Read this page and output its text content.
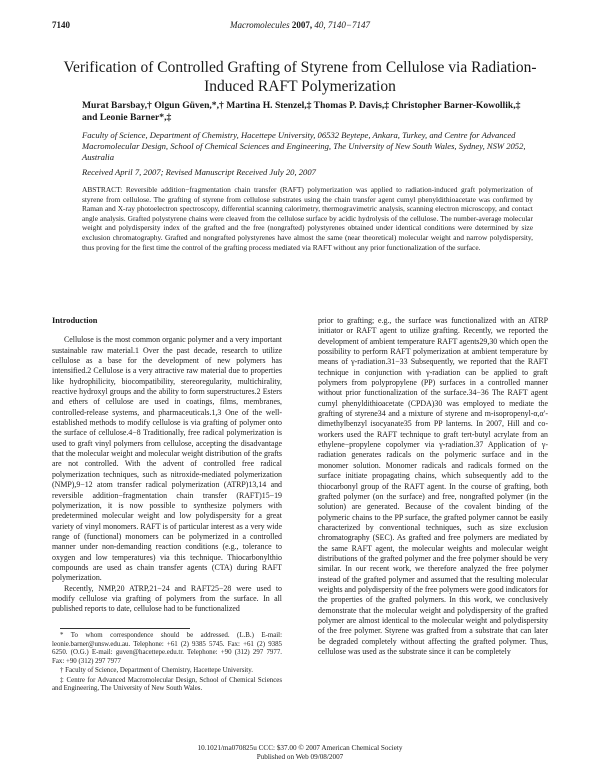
7140	Macromolecules 2007, 40, 7140−7147
Verification of Controlled Grafting of Styrene from Cellulose via Radiation-Induced RAFT Polymerization
Murat Barsbay,† Olgun Güven,*,† Martina H. Stenzel,‡ Thomas P. Davis,‡ Christopher Barner-Kowollik,‡ and Leonie Barner*,‡
Faculty of Science, Department of Chemistry, Hacettepe University, 06532 Beytepe, Ankara, Turkey, and Centre for Advanced Macromolecular Design, School of Chemical Sciences and Engineering, The University of New South Wales, Sydney, NSW 2052, Australia
Received April 7, 2007; Revised Manuscript Received July 20, 2007
ABSTRACT: Reversible addition−fragmentation chain transfer (RAFT) polymerization was applied to radiation-induced graft polymerization of styrene from cellulose. The grafting of styrene from cellulose substrates using the chain transfer agent cumyl phenyldithioacetate was confirmed by Raman and X-ray photoelectron spectroscopy, differential scanning calorimetry, thermogravimetric analysis, scanning electron microscopy, and contact angle analysis. Grafted polystyrene chains were cleaved from the cellulose surface by acidic hydrolysis of the cellulose. The number-average molecular weight and polydispersity index of the grafted and the free (nongrafted) polystyrenes obtained under identical conditions were determined by size exclusion chromatography. Grafted and nongrafted polystyrenes have almost the same (near theoretical) molecular weight and narrow polydispersity, thus proving for the first time the control of the grafting process mediated via RAFT without any prior functionalization of the surface.

Introduction

Cellulose is the most common organic polymer and a very important sustainable raw material.1 Over the past decade, research to utilize cellulose as a base for the development of new polymers has intensified.2 Cellulose is a very attractive raw material due to properties like hydrophilicity, biocompatibility, stereoregularity, multichirality, reactive hydroxyl groups and the ability to form superstructures.2 Esters and ethers of cellulose are used in coatings, films, membranes, controlled-release systems, and pharmaceuticals.1,3 One of the well-established methods to modify cellulose is via grafting of polymer onto the surface of cellulose.4−8 Traditionally, free radical polymerization is used to graft vinyl polymers from cellulose, accepting the disadvantage that the molecular weight and molecular weight distribution of the grafts are not controlled. With the advent of controlled free radical polymerization techniques, such as nitroxide-mediated polymerization (NMP),9−12 atom transfer radical polymerization (ATRP)13,14 and reversible addition−fragmentation chain transfer (RAFT)15−19 polymerization, it is now possible to synthesize polymers with predetermined molecular weight and low polydispersity for a great variety of vinyl monomers. RAFT is of particular interest as a very wide range of (functional) monomers can be polymerized in a controlled manner under non-demanding reaction conditions (e.g., tolerance to oxygen and low temperatures) via this technique. Thiocarbonylthio compounds are used as chain transfer agents (CTA) during RAFT polymerization.

Recently, NMP,20 ATRP,21−24 and RAFT25−28 were used to modify cellulose via grafting of polymers from the surface. In all published reports to date, cellulose had to be functionalized

prior to grafting; e.g., the surface was functionalized with an ATRP initiator or RAFT agent to utilize grafting. Recently, we reported the development of ambient temperature RAFT agents29,30 which open the possibility to perform RAFT polymerization at ambient temperature by means of γ-radiation.31−33 Subsequently, we reported that the RAFT technique in conjunction with γ-radiation can be applied to graft polymers from polypropylene (PP) surfaces in a controlled manner without prior functionalization of the surface.34−36 The RAFT agent cumyl phenyldithioacetate (CPDA)30 was employed to mediate the grafting of styrene34 and a mixture of styrene and m-isopropenyl-α,α′-dimethylbenzyl isocyanate35 from PP lanterns. In 2007, Hill and co-workers used the RAFT technique to graft tert-butyl acrylate from an ethylene−propylene copolymer via γ-radiation.37 Application of γ-radiation generates radicals on the polymeric surface and in the monomer solution. Monomer radicals and radicals formed on the surface initiate propagating chains, which subsequently add to the thiocarbonyl group of the RAFT agent. In the course of grafting, both grafted polymer (on the surface) and free, nongrafted polymer (in the solution) are generated. Because of the covalent binding of the polymeric chains to the PP surface, the grafted polymer cannot be easily characterized by conventional techniques, such as size exclusion chromatography (SEC). As grafted and free polymers are mediated by the same RAFT agent, the molecular weights and molecular weight distributions of the grafted polymer and the free polymer should be very similar. In our recent work, we therefore analyzed the free polymer instead of the grafted polymer and assumed that the resulting molecular weights and polydispersity of the free polymers were good indicators for the properties of the grafted polymers. In this work, we conclusively demonstrate that the molecular weight and polydispersity of the grafted polymer are almost identical to the molecular weight and polydispersity of the free polymer. Styrene was grafted from a substrate that can later be degraded completely without affecting the grafted polymer. Thus, cellulose was used as the substrate since it can be completely

* To whom correspondence should be addressed. (L.B.) E-mail: leonie.barner@unsw.edu.au. Telephone: +61 (2) 9385 5745. Fax: +61 (2) 9385 6250. (O.G.) E-mail: guven@hacettepe.edu.tr. Telephone: +90 (312) 297 7977. Fax: +90 (312) 297 7977

† Faculty of Science, Department of Chemistry, Hacettepe University.

‡ Centre for Advanced Macromolecular Design, School of Chemical Sciences and Engineering, The University of New South Wales.

10.1021/ma070825u CCC: $37.00 © 2007 American Chemical Society
Published on Web 09/08/2007
